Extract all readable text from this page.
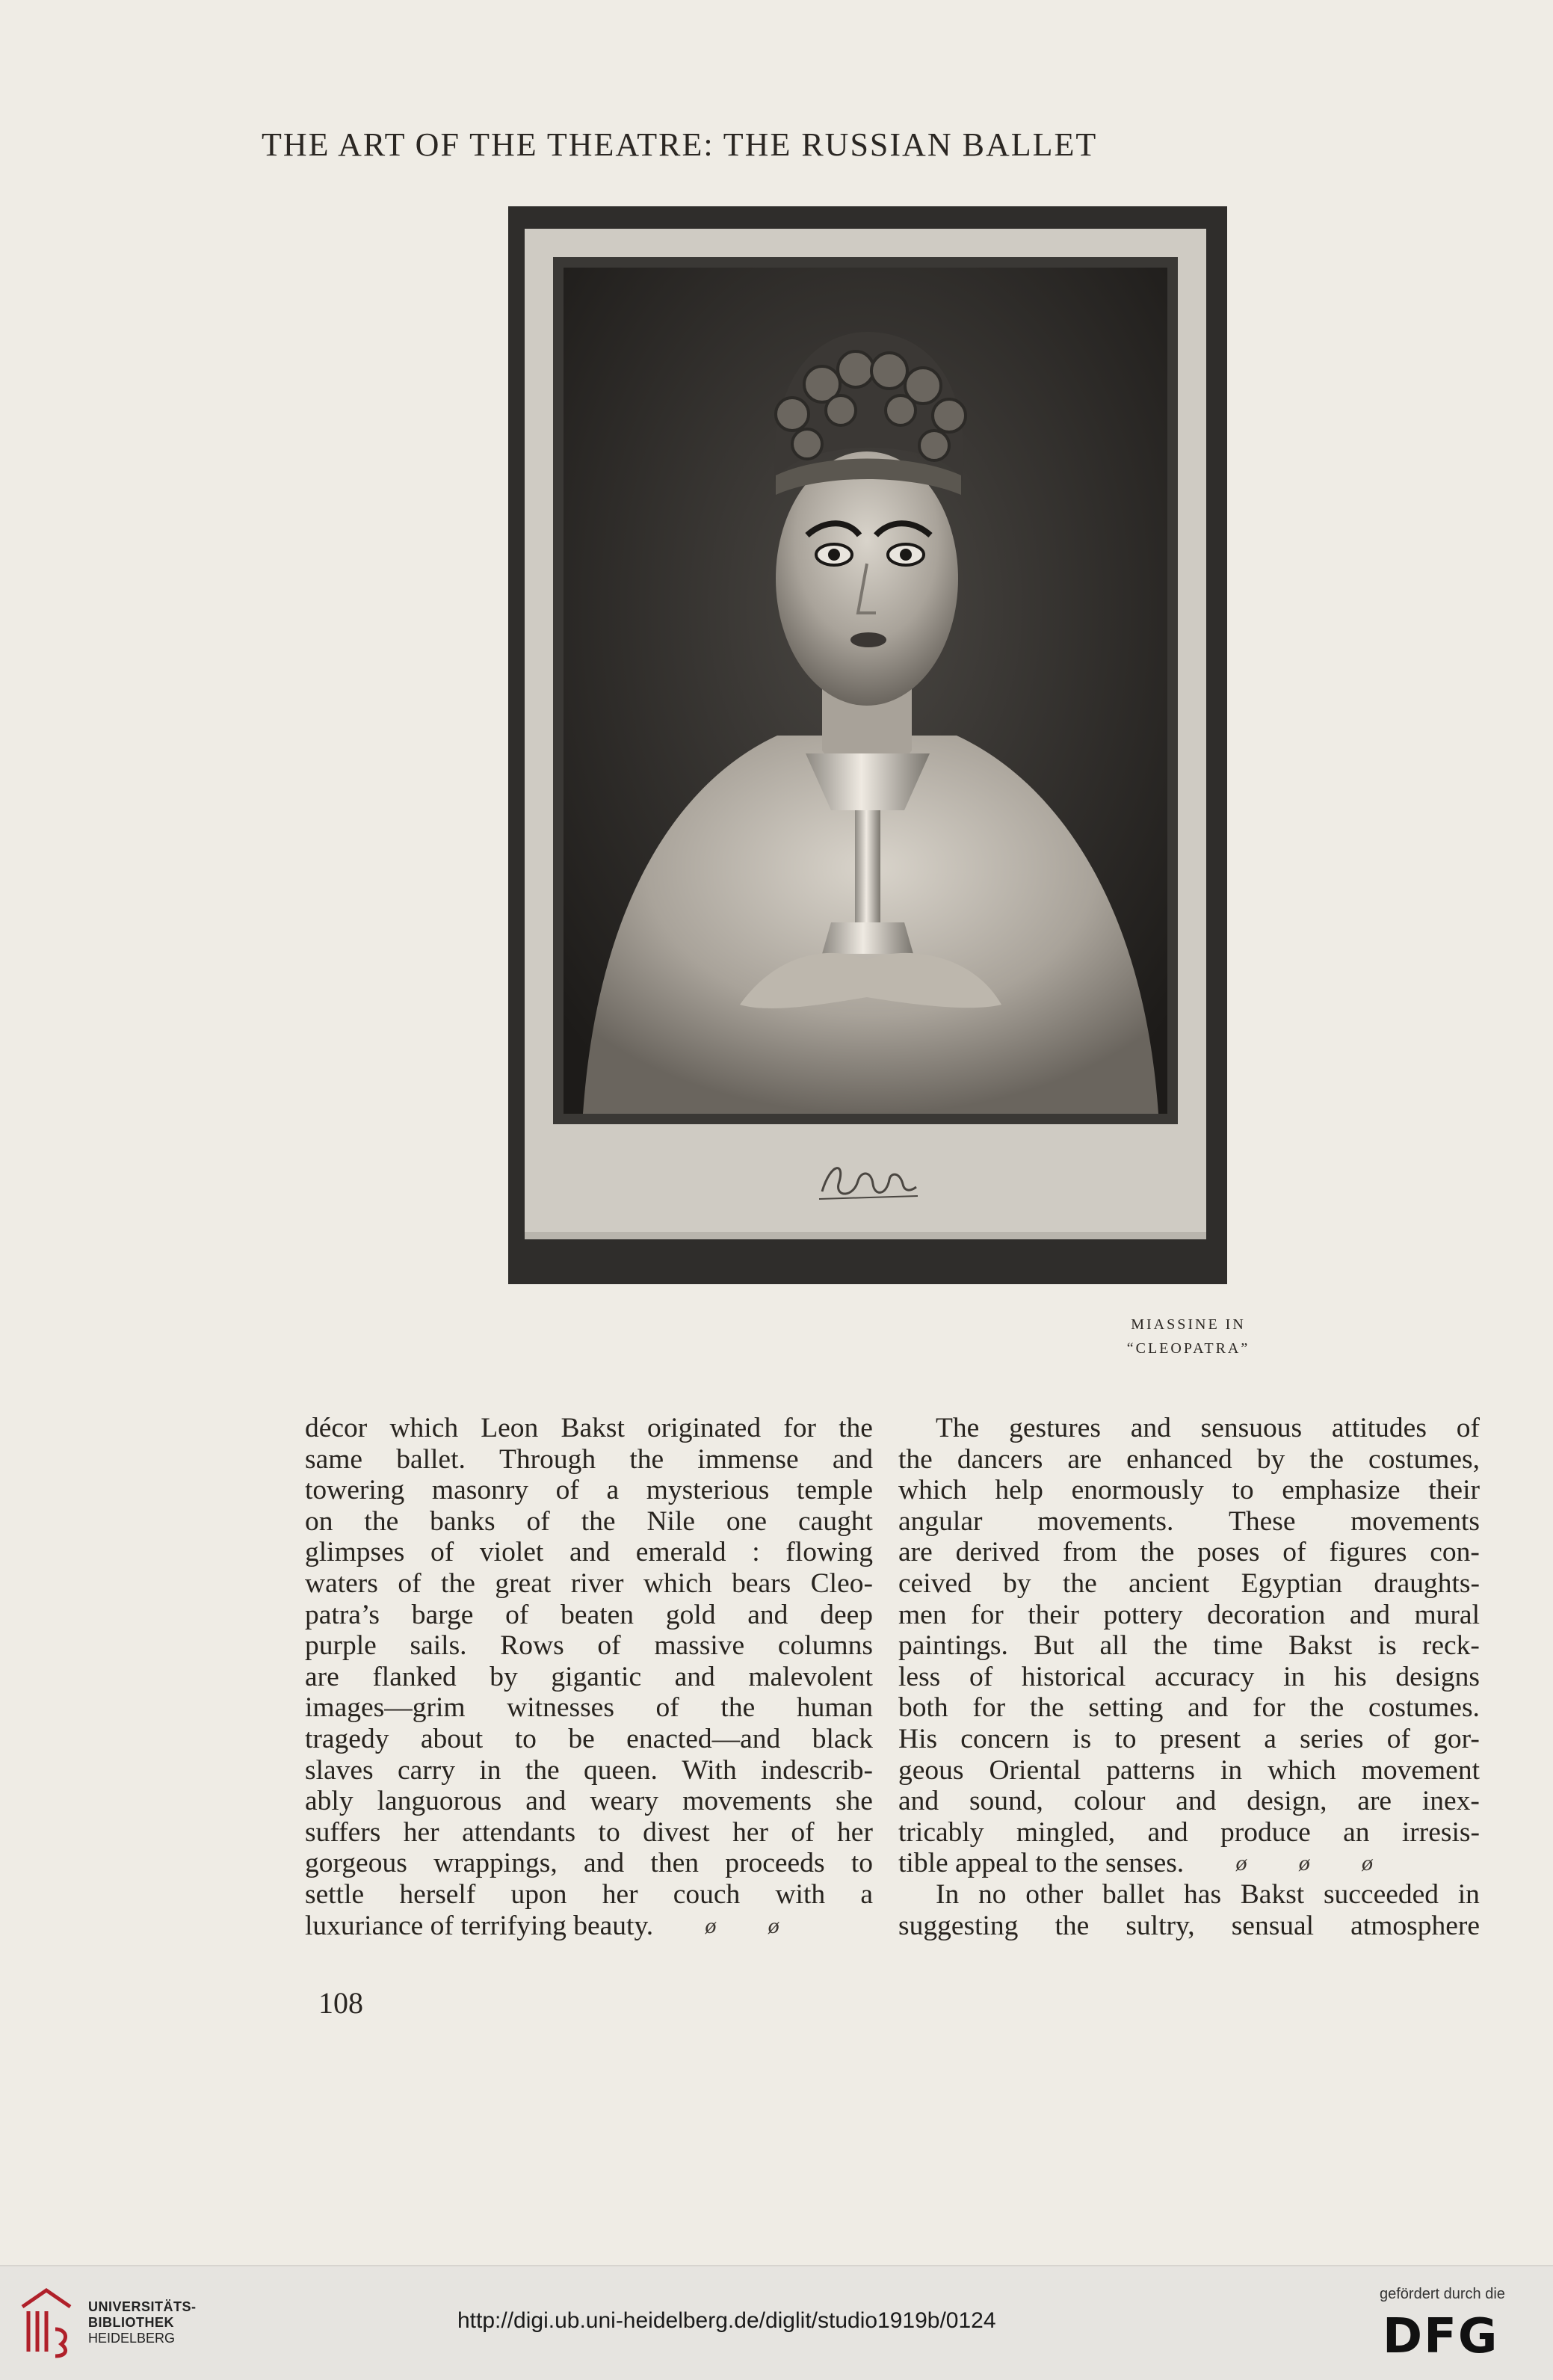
THE ART OF THE THEATRE: THE RUSSIAN BALLET
MIASSINE IN
“CLEOPATRA”
décor which Leon Bakst originated for the
same ballet. Through the immense and
towering masonry of a mysterious temple
on the banks of the Nile one caught
glimpses of violet and emerald : flowing
waters of the great river which bears Cleo-
patra’s barge of beaten gold and deep
purple sails. Rows of massive columns
are flanked by gigantic and malevolent
images—grim witnesses of the human
tragedy about to be enacted—and black
slaves carry in the queen. With indescrib-
ably languorous and weary movements she
suffers her attendants to divest her of her
gorgeous wrappings, and then proceeds to
settle herself upon her couch with a
luxuriance of terrifying beauty. ø ø
The gestures and sensuous attitudes of
the dancers are enhanced by the costumes,
which help enormously to emphasize their
angular movements. These movements
are derived from the poses of figures con-
ceived by the ancient Egyptian draughts-
men for their pottery decoration and mural
paintings. But all the time Bakst is reck-
less of historical accuracy in his designs
both for the setting and for the costumes.
His concern is to present a series of gor-
geous Oriental patterns in which movement
and sound, colour and design, are inex-
tricably mingled, and produce an irresis-
tible appeal to the senses. ø ø ø
In no other ballet has Bakst succeeded in
suggesting the sultry, sensual atmosphere
108
UNIVERSITÄTS-
BIBLIOTHEK
HEIDELBERG
http://digi.ub.uni-heidelberg.de/diglit/studio1919b/0124
gefördert durch die
DFG
